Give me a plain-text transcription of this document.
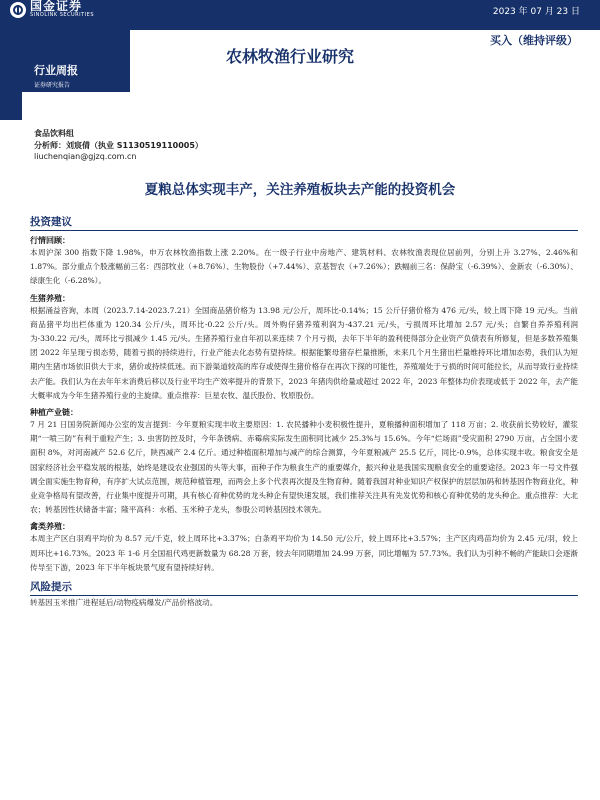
国金证券
SINOLINK SECURITIES	2023 年 07 月 23 日
农林牧渔行业研究
买入（维持评级）
行业周报
证券研究报告
食品饮料组
分析师：刘宸倩（执业 S1130519110005）
liuchenqian@gjzq.com.cn
夏粮总体实现丰产，关注养殖板块去产能的投资机会
投资建议
行情回顾：
本周沪深 300 指数下降 1.98%，申万农林牧渔指数上涨 2.20%。在一级子行业中房地产、建筑材料、农林牧渔表现位居前列，分别上升 3.27%、2.46%和 1.87%。部分重点个股涨幅前三名：西部牧业（+8.76%）、生物股份（+7.44%）、京基智农（+7.26%）；跌幅前三名：保龄宝（-6.39%）、金新农（-6.30%）、绿康生化（-6.28%）。
生猪养殖：
根据涌益咨询，本周（2023.7.14-2023.7.21）全国商品猪价格为 13.98 元/公斤，周环比-0.14%；15 公斤仔猪价格为 476 元/头，较上周下降 19 元/头。当前商品猪平均出栏体重为 120.34 公斤/头，周环比-0.22 公斤/头。周外购仔猪养殖利润为-437.21 元/头，亏损周环比增加 2.57 元/头；自繁自养养殖利润为-330.22 元/头，周环比亏损减少 1.45 元/头。生猪养殖行业自年初以来连续 7 个月亏损，去年下半年的盈利使得部分企业资产负债表有所修复，但是多数养殖集团 2022 年呈现亏损态势，随着亏损的持续进行，行业产能去化态势有望持续。根据能繁母猪存栏量推断，未来几个月生猪出栏量维持环比增加态势，我们认为短期内生猪市场依旧供大于求，猪价或持续低迷。而下游渠道较高的库存或使得生猪价格存在再次下探的可能性，养殖端处于亏损的时间可能拉长，从而导致行业持续去产能。我们认为在去年年末消费后移以及行业平均生产效率提升的背景下，2023 年猪肉供给量或超过 2022 年，2023 年整体均价表现或低于 2022 年，去产能大概率成为今年生猪养殖行业的主旋律。重点推荐：巨星农牧、温氏股份、牧原股份。
种植产业链：
7 月 21 日国务院新闻办公室的发言提到：今年夏粮实现丰收主要原因：1. 农民播种小麦积极性提升，夏粮播种面积增加了 118 万亩；2. 收获前长势较好，灌浆期“一喷三防”有利于重粒产生；3. 虫害防控及时，今年条锈病、赤霉病实际发生面积同比减少 25.3%与 15.6%。今年“烂场雨”受灾面积 2790 万亩，占全国小麦面积 8%，对河南减产 52.6 亿斤，陕西减产 2.4 亿斤。通过种植面积增加与减产的综合测算，今年夏粮减产 25.5 亿斤，同比-0.9%，总体实现丰收。粮食安全是国家经济社会平稳发展的根基，始终是建设农业强国的头等大事，而种子作为粮食生产的重要媒介，振兴种业是我国实现粮食安全的重要途径。2023 年一号文件强调全面实施生物育种，有序扩大试点范围，规范种植管理，而两会上多个代表再次提及生物育种。随着我国对种业知识产权保护的层层加码和转基因作物商业化，种业竞争格局有望改善，行业集中度提升可期，具有核心育种优势的龙头种企有望快速发展，我们推荐关注具有先发优势和核心育种优势的龙头种企。重点推荐：大北农；转基因性状储备丰富；隆平高科：水稻、玉米种子龙头，参股公司转基因技术领先。
禽类养殖：
本周主产区白羽鸡平均价为 8.57 元/千克，较上周环比+3.37%；白条鸡平均价为 14.50 元/公斤，较上周环比+3.57%；主产区肉鸡苗均价为 2.45 元/羽，较上周环比+16.73%。2023 年 1-6 月全国祖代鸡更新数量为 68.28 万套，较去年同期增加 24.99 万套，同比增幅为 57.73%。我们认为引种不畅的产能缺口会逐渐传导至下游，2023 年下半年板块景气度有望持续好转。
风险提示
转基因玉米推广进程延后/动物疫病爆发/产品价格波动。
